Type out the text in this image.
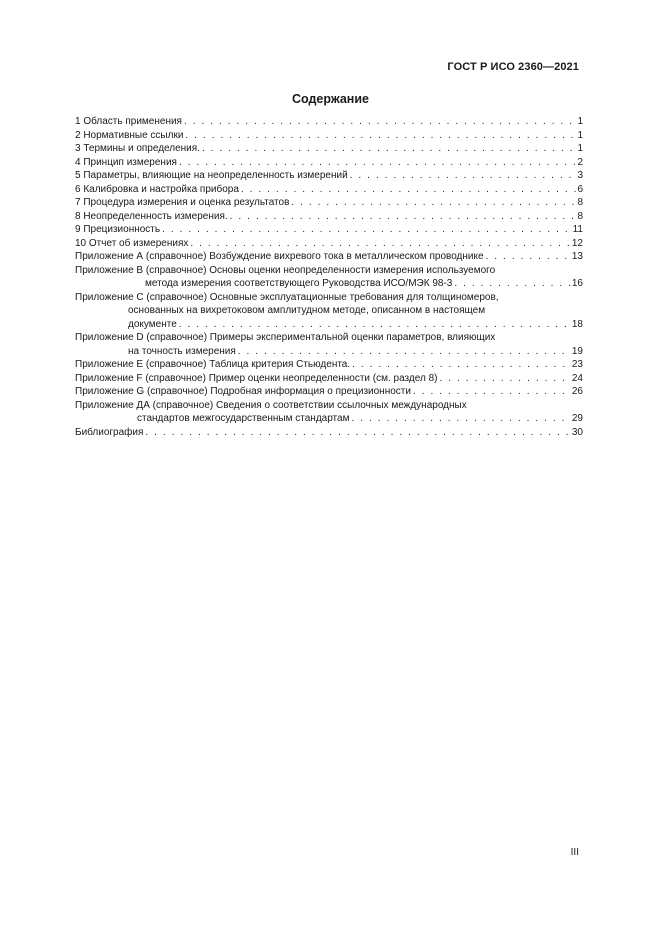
ГОСТ Р ИСО 2360—2021
Содержание
1 Область применения . . .	1
2 Нормативные ссылки . . .	1
3 Термины и определения. . . .	1
4 Принцип измерения . . .	2
5 Параметры, влияющие на неопределенность измерений . . .	3
6 Калибровка и настройка прибора . . .	6
7 Процедура измерения и оценка результатов . . .	8
8 Неопределенность измерения. . . .	8
9 Прецизионность . . .	11
10 Отчет об измерениях . . .	12
Приложение А (справочное) Возбуждение вихревого тока в металлическом проводнике . . .	13
Приложение В (справочное) Основы оценки неопределенности измерения используемого
метода измерения соответствующего Руководства ИСО/МЭК 98-3 . . .	16
Приложение С (справочное) Основные эксплуатационные требования для толщиномеров,
основанных на вихретоковом амплитудном методе, описанном в настоящем
документе . . .	18
Приложение D (справочное) Примеры экспериментальной оценки параметров, влияющих
на точность измерения . . .	19
Приложение Е (справочное) Таблица критерия Стьюдента. . . .	23
Приложение F (справочное) Пример оценки неопределенности (см. раздел 8) . . .	24
Приложение G (справочное) Подробная информация о прецизионности . . .	26
Приложение ДА (справочное) Сведения о соответствии ссылочных международных
стандартов межгосударственным стандартам . . .	29
Библиография . . .	30
III
